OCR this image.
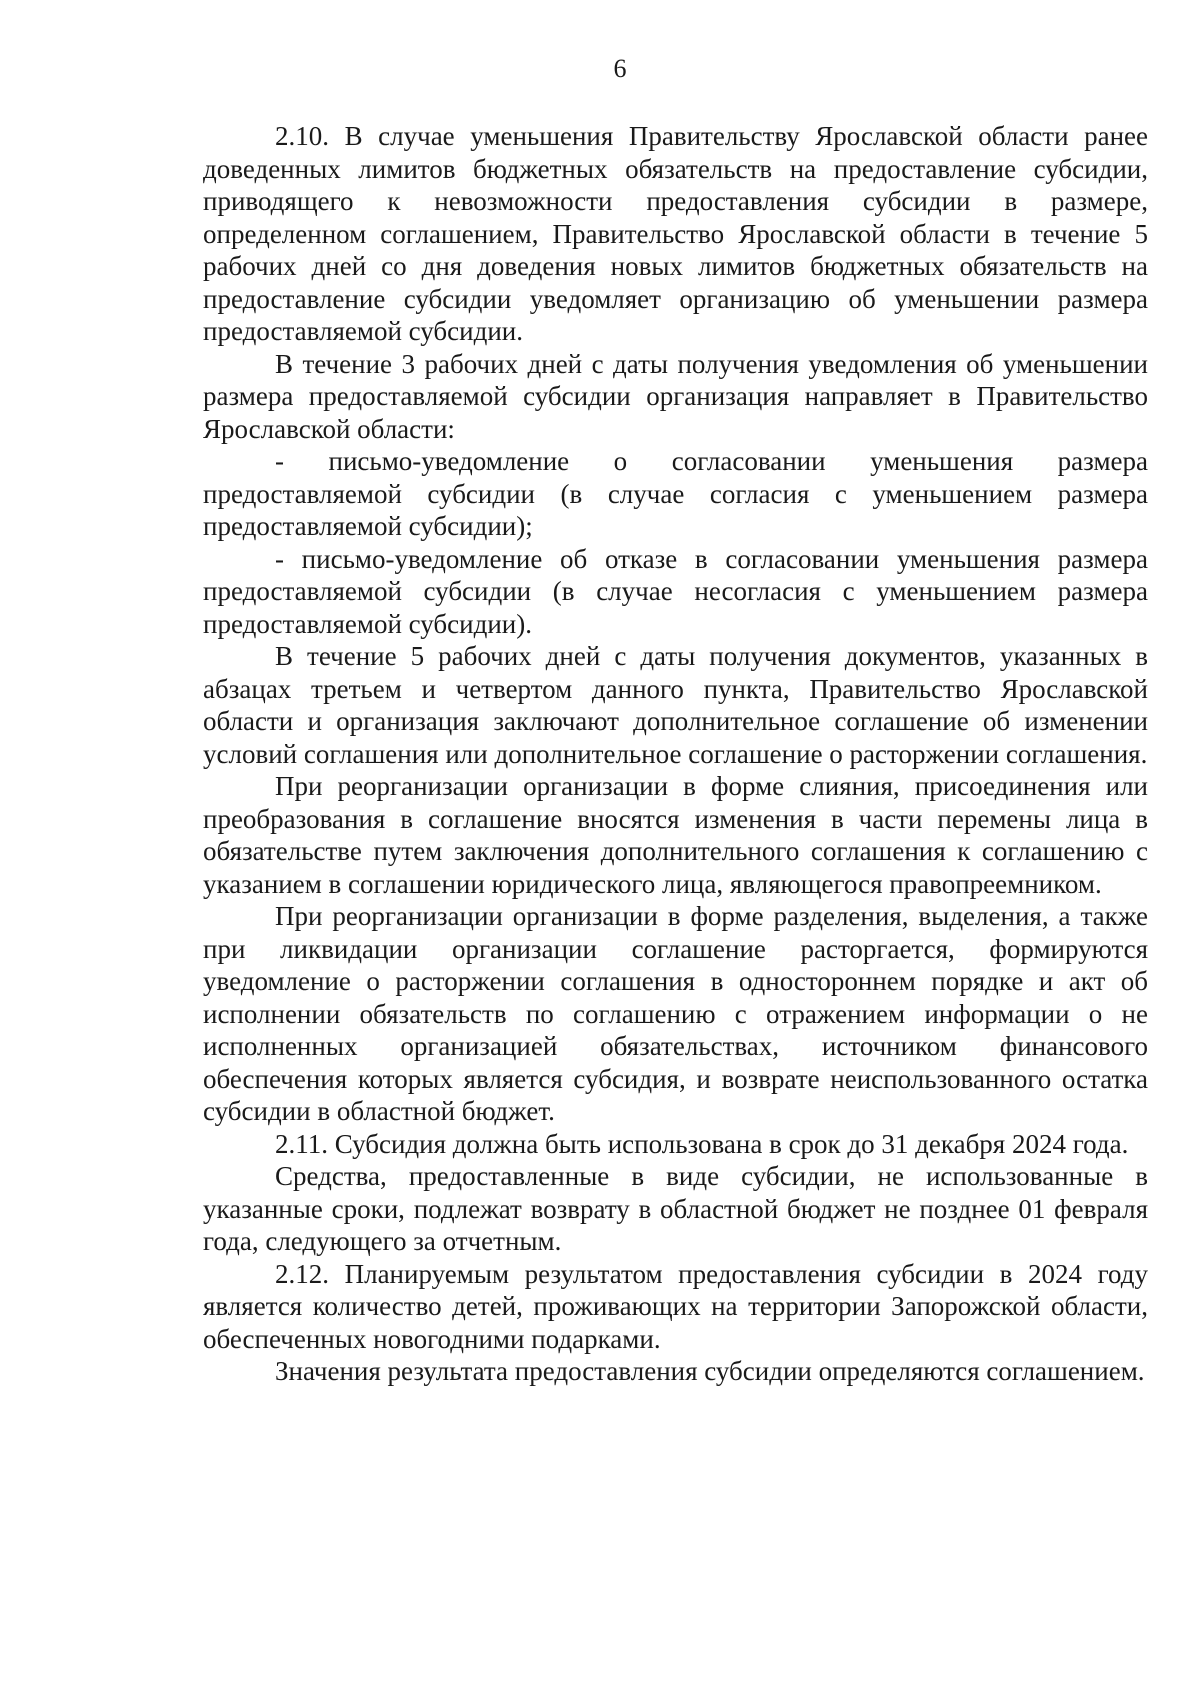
6

2.10. В случае уменьшения Правительству Ярославской области ранее доведенных лимитов бюджетных обязательств на предоставление субсидии, приводящего к невозможности предоставления субсидии в размере, определенном соглашением, Правительство Ярославской области в течение 5 рабочих дней со дня доведения новых лимитов бюджетных обязательств на предоставление субсидии уведомляет организацию об уменьшении размера предоставляемой субсидии.

В течение 3 рабочих дней с даты получения уведомления об уменьшении размера предоставляемой субсидии организация направляет в Правительство Ярославской области:

- письмо-уведомление о согласовании уменьшения размера предоставляемой субсидии (в случае согласия с уменьшением размера предоставляемой субсидии);

- письмо-уведомление об отказе в согласовании уменьшения размера предоставляемой субсидии (в случае несогласия с уменьшением размера предоставляемой субсидии).

В течение 5 рабочих дней с даты получения документов, указанных в абзацах третьем и четвертом данного пункта, Правительство Ярославской области и организация заключают дополнительное соглашение об изменении условий соглашения или дополнительное соглашение о расторжении соглашения.

При реорганизации организации в форме слияния, присоединения или преобразования в соглашение вносятся изменения в части перемены лица в обязательстве путем заключения дополнительного соглашения к соглашению с указанием в соглашении юридического лица, являющегося правопреемником.

При реорганизации организации в форме разделения, выделения, а также при ликвидации организации соглашение расторгается, формируются уведомление о расторжении соглашения в одностороннем порядке и акт об исполнении обязательств по соглашению с отражением информации о не исполненных организацией обязательствах, источником финансового обеспечения которых является субсидия, и возврате неиспользованного остатка субсидии в областной бюджет.

2.11. Субсидия должна быть использована в срок до 31 декабря 2024 года.

Средства, предоставленные в виде субсидии, не использованные в указанные сроки, подлежат возврату в областной бюджет не позднее 01 февраля года, следующего за отчетным.

2.12. Планируемым результатом предоставления субсидии в 2024 году является количество детей, проживающих на территории Запорожской области, обеспеченных новогодними подарками.

Значения результата предоставления субсидии определяются соглашением.
